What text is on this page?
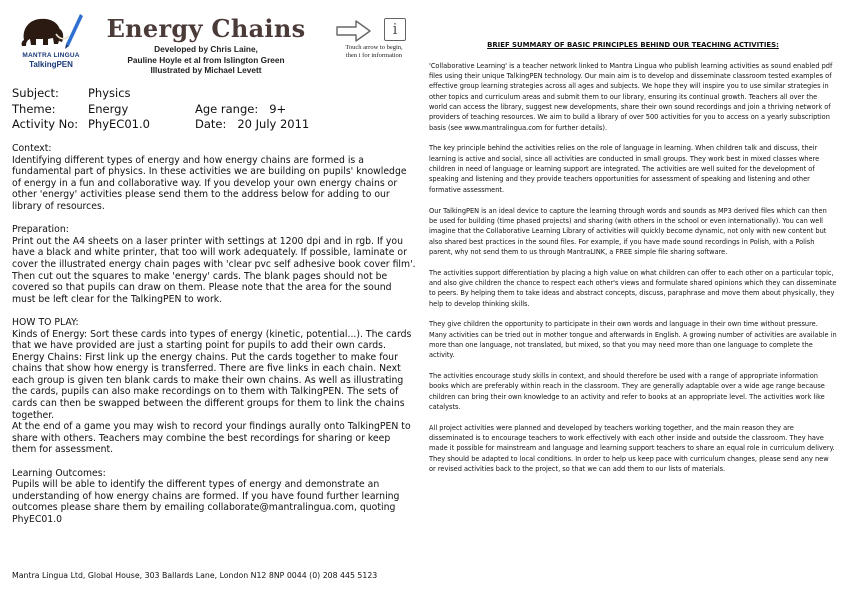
MANTRA LINGUA
TalkingPEN
Energy Chains
Developed by Chris Laine,
Pauline Hoyle et al from Islington Green
Illustrated by Michael Levett
i
Touch arrow to begin,
then i for information
Subject:	Physics
Theme:	Energy	Age range: 9+
Activity No: PhyEC01.0	Date: 20 July 2011
Context:

Identifying different types of energy and how energy chains are formed is a fundamental part of physics. In these activities we are building on pupils' knowledge of energy in a fun and collaborative way. If you develop your own energy chains or other 'energy' activities please send them to the address below for adding to our library of resources.

Preparation:

Print out the A4 sheets on a laser printer with settings at 1200 dpi and in rgb. If you have a black and white printer, that too will work adequately. If possible, laminate or cover the illustrated energy chain pages with 'clear pvc self adhesive book cover film'. Then cut out the squares to make 'energy' cards. The blank pages should not be covered so that pupils can draw on them. Please note that the area for the sound must be left clear for the TalkingPEN to work.

HOW TO PLAY:

Kinds of Energy: Sort these cards into types of energy (kinetic, potential...). The cards that we have provided are just a starting point for pupils to add their own cards.

Energy Chains: First link up the energy chains. Put the cards together to make four chains that show how energy is transferred. There are five links in each chain. Next each group is given ten blank cards to make their own chains. As well as illustrating the cards, pupils can also make recordings on to them with TalkingPEN. The sets of cards can then be swapped between the different groups for them to link the chains together.

At the end of a game you may wish to record your findings aurally onto TalkingPEN to share with others. Teachers may combine the best recordings for sharing or keep them for assessment.

Learning Outcomes:

Pupils will be able to identify the different types of energy and demonstrate an understanding of how energy chains are formed. If you have found further learning outcomes please share them by emailing collaborate@mantralingua.com, quoting PhyEC01.0

Mantra Lingua Ltd, Global House, 303 Ballards Lane, London N12 8NP 0044 (0) 208 445 5123
BRIEF SUMMARY OF BASIC PRINCIPLES BEHIND OUR TEACHING ACTIVITIES:

'Collaborative Learning' is a teacher network linked to Mantra Lingua who publish learning activities as sound enabled pdf files using their unique TalkingPEN technology. Our main aim is to develop and disseminate classroom tested examples of effective group learning strategies across all ages and subjects. We hope they will inspire you to use similar strategies in other topics and curriculum areas and submit them to our library, ensuring its continual growth. Teachers all over the world can access the library, suggest new developments, share their own sound recordings and join a thriving network of providers of teaching resources. We aim to build a library of over 500 activities for you to access on a yearly subscription basis (see www.mantralingua.com for further details).

The key principle behind the activities relies on the role of language in learning. When children talk and discuss, their learning is active and social, since all activities are conducted in small groups. They work best in mixed classes where children in need of language or learning support are integrated. The activities are well suited for the development of speaking and listening and they provide teachers opportunities for assessment of speaking and listening and other formative assessment.

Our TalkingPEN is an ideal device to capture the learning through words and sounds as MP3 derived files which can then be used for building (time phased projects) and sharing (with others in the school or even internationally). You can well imagine that the Collaborative Learning Library of activities will quickly become dynamic, not only with new content but also shared best practices in the sound files. For example, if you have made sound recordings in Polish, with a Polish parent, why not send them to us through MantraLINK, a FREE simple file sharing software.

The activities support differentiation by placing a high value on what children can offer to each other on a particular topic, and also give children the chance to respect each other's views and formulate shared opinions which they can disseminate to peers. By helping them to take ideas and abstract concepts, discuss, paraphrase and move them about physically, they help to develop thinking skills.

They give children the opportunity to participate in their own words and language in their own time without pressure. Many activities can be tried out in mother tongue and afterwards in English. A growing number of activities are available in more than one language, not translated, but mixed, so that you may need more than one language to complete the activity.

The activities encourage study skills in context, and should therefore be used with a range of appropriate information books which are preferably within reach in the classroom. They are generally adaptable over a wide age range because children can bring their own knowledge to an activity and refer to books at an appropriate level. The activities work like catalysts.

All project activities were planned and developed by teachers working together, and the main reason they are disseminated is to encourage teachers to work effectively with each other inside and outside the classroom. They have made it possible for mainstream and language and learning support teachers to share an equal role in curriculum delivery. They should be adapted to local conditions. In order to help us keep pace with curriculum changes, please send any new or revised activities back to the project, so that we can add them to our lists of materials.
